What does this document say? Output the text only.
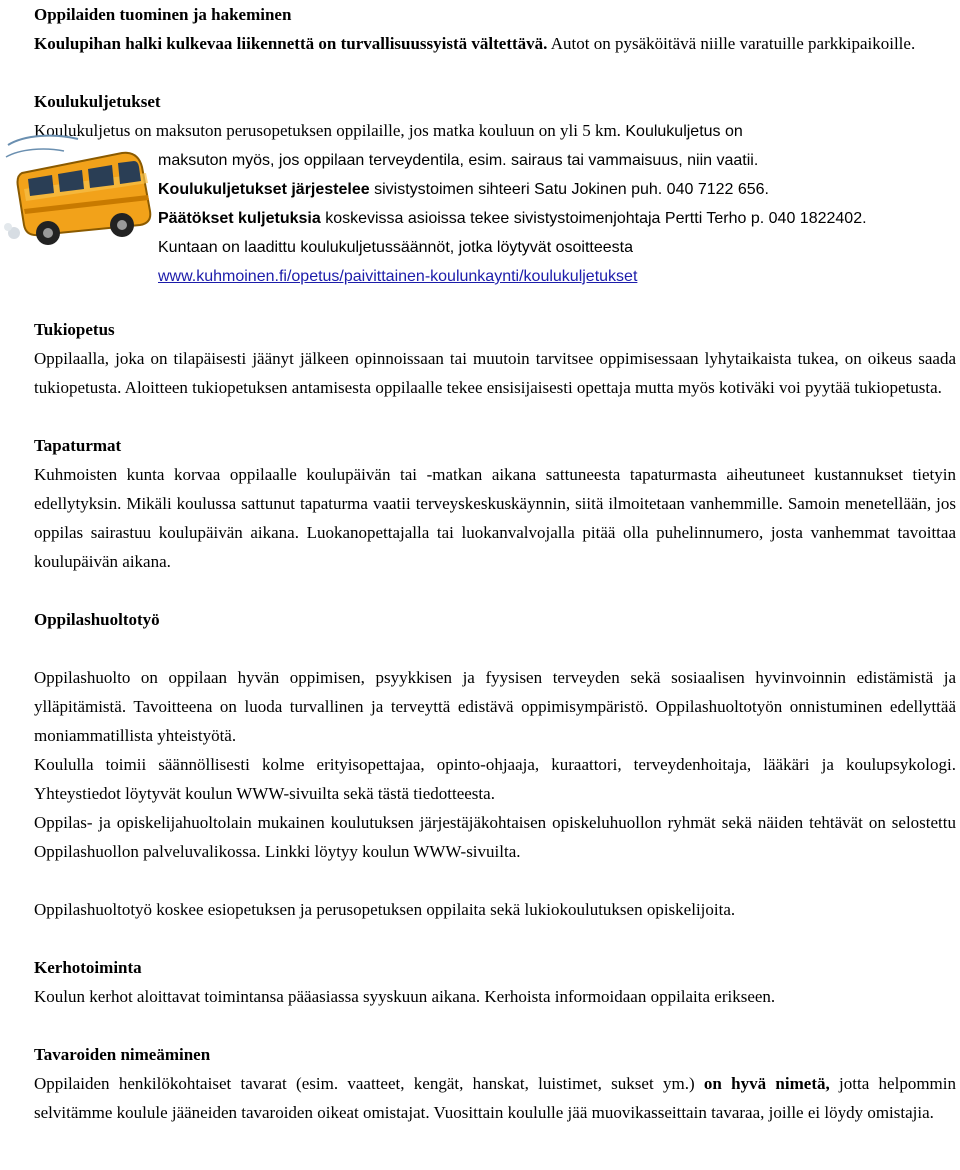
Oppilaiden tuominen ja hakeminen
Koulupihan halki kulkevaa liikennettä on turvallisuussyistä vältettävä. Autot on pysäköitävä niille varatuille parkkipaikoille.
Koulukuljetukset
Koulukuljetus on maksuton perusopetuksen oppilaille, jos matka kouluun on yli 5 km. Koulukuljetus on
maksuton myös, jos oppilaan terveydentila, esim. sairaus tai vammaisuus, niin vaatii.
Koulukuljetukset järjestelee sivistystoimen sihteeri Satu Jokinen puh. 040 7122 656.
Päätökset kuljetuksia koskevissa asioissa tekee sivistystoimenjohtaja Pertti Terho p. 040 1822402. Kuntaan on laadittu koulukuljetussäännöt, jotka löytyvät osoitteesta www.kuhmoinen.fi/opetus/paivittainen-koulunkaynti/koulukuljetukset
Tukiopetus
Oppilaalla, joka on tilapäisesti jäänyt jälkeen opinnoissaan tai muutoin tarvitsee oppimisessaan lyhytaikaista tukea, on oikeus saada tukiopetusta. Aloitteen tukiopetuksen antamisesta oppilaalle tekee ensisijaisesti opettaja mutta myös kotiväki voi pyytää tukiopetusta.
Tapaturmat
Kuhmoisten kunta korvaa oppilaalle koulupäivän tai -matkan aikana sattuneesta tapaturmasta aiheutuneet kustannukset tietyin edellytyksin. Mikäli koulussa sattunut tapaturma vaatii terveyskeskuskäynnin, siitä ilmoitetaan vanhemmille. Samoin menetellään, jos oppilas sairastuu koulupäivän aikana. Luokanopettajalla tai luokanvalvojalla pitää olla puhelinnumero, josta vanhemmat tavoittaa koulupäivän aikana.
Oppilashuoltotyö
Oppilashuolto on oppilaan hyvän oppimisen, psyykkisen ja fyysisen terveyden sekä sosiaalisen hyvinvoinnin edistämistä ja ylläpitämistä. Tavoitteena on luoda turvallinen ja terveyttä edistävä oppimisympäristö. Oppilashuoltotyön onnistuminen edellyttää moniammatillista yhteistyötä.
Koululla toimii säännöllisesti kolme erityisopettajaa, opinto-ohjaaja, kuraattori, terveydenhoitaja, lääkäri ja koulupsykologi. Yhteystiedot löytyvät koulun WWW-sivuilta sekä tästä tiedotteesta.
Oppilas- ja opiskelijahuoltolain mukainen koulutuksen järjestäjäkohtaisen opiskeluhuollon ryhmät sekä näiden tehtävät on selostettu Oppilashuollon palveluvalikossa. Linkki löytyy koulun WWW-sivuilta.
Oppilashuoltotyö koskee esiopetuksen ja perusopetuksen oppilaita sekä lukiokoulutuksen opiskelijoita.
Kerhotoiminta
Koulun kerhot aloittavat toimintansa pääasiassa syyskuun aikana. Kerhoista informoidaan oppilaita erikseen.
Tavaroiden nimeäminen
Oppilaiden henkilökohtaiset tavarat (esim. vaatteet, kengät, hanskat, luistimet, sukset ym.) on hyvä nimetä, jotta helpommin selvitämme koulule jääneiden tavaroiden oikeat omistajat. Vuosittain koululle jää muovikasseittain tavaraa, joille ei löydy omistajia.
